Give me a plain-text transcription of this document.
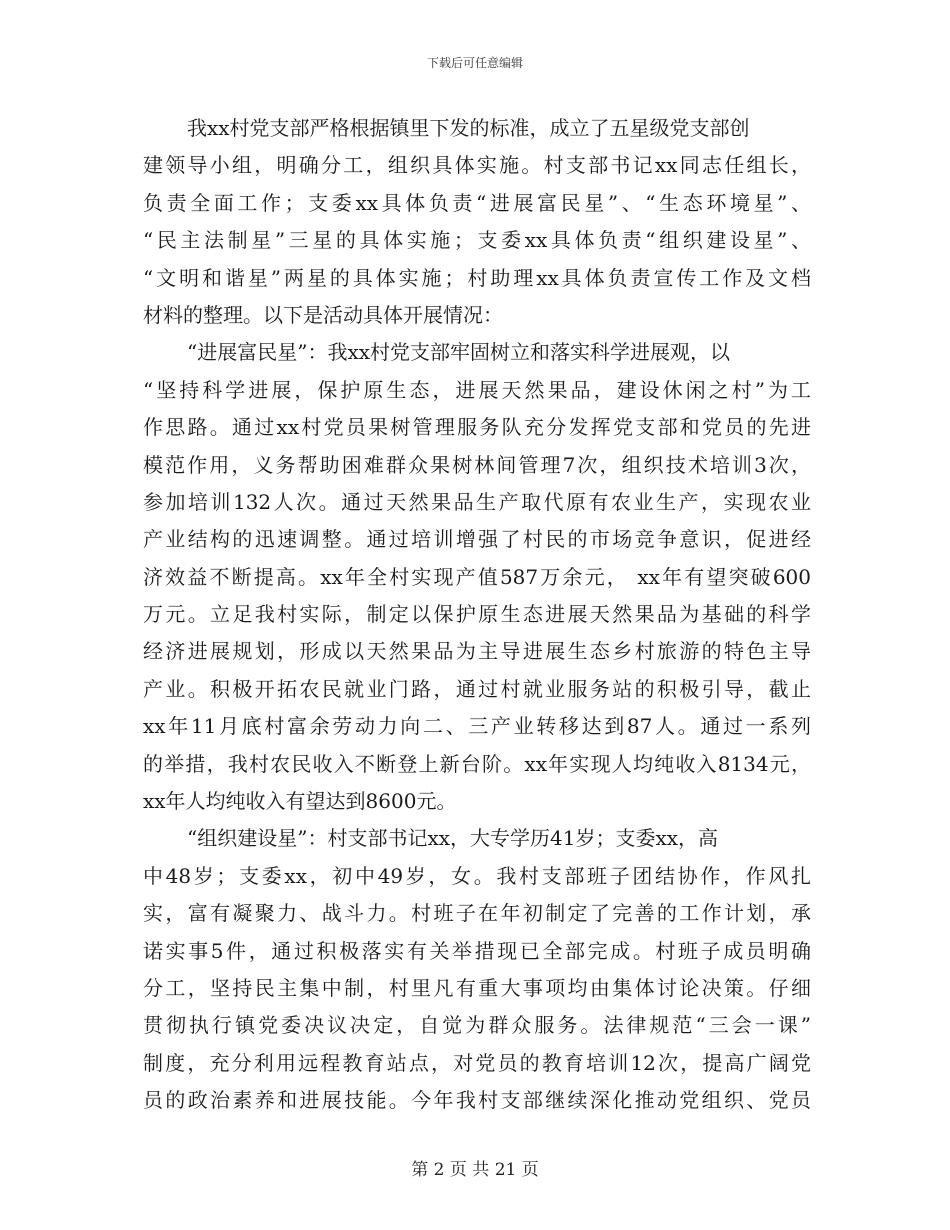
下载后可任意编辑
我xx村党支部严格根据镇里下发的标准，成立了五星级党支部创
建领导小组，明确分工，组织具体实施。村支部书记xx同志任组长，
负责全面工作；支委xx具体负责“进展富民星”、“生态环境星”、
“民主法制星”三星的具体实施；支委xx具体负责“组织建设星”、
“文明和谐星”两星的具体实施；村助理xx具体负责宣传工作及文档
材料的整理。以下是活动具体开展情况：
“进展富民星”：我xx村党支部牢固树立和落实科学进展观，以
“坚持科学进展，保护原生态，进展天然果品，建设休闲之村”为工
作思路。通过xx村党员果树管理服务队充分发挥党支部和党员的先进
模范作用，义务帮助困难群众果树林间管理7次，组织技术培训3次，
参加培训132人次。通过天然果品生产取代原有农业生产，实现农业
产业结构的迅速调整。通过培训增强了村民的市场竞争意识，促进经
济效益不断提高。xx年全村实现产值587万余元， xx年有望突破600
万元。立足我村实际，制定以保护原生态进展天然果品为基础的科学
经济进展规划，形成以天然果品为主导进展生态乡村旅游的特色主导
产业。积极开拓农民就业门路，通过村就业服务站的积极引导，截止
xx年11月底村富余劳动力向二、三产业转移达到87人。通过一系列
的举措，我村农民收入不断登上新台阶。xx年实现人均纯收入8134元，
xx年人均纯收入有望达到8600元。
“组织建设星”：村支部书记xx，大专学历41岁；支委xx，高
中48岁；支委xx，初中49岁，女。我村支部班子团结协作，作风扎
实，富有凝聚力、战斗力。村班子在年初制定了完善的工作计划，承
诺实事5件，通过积极落实有关举措现已全部完成。村班子成员明确
分工，坚持民主集中制，村里凡有重大事项均由集体讨论决策。仔细
贯彻执行镇党委决议决定，自觉为群众服务。法律规范“三会一课”
制度，充分利用远程教育站点，对党员的教育培训12次，提高广阔党
员的政治素养和进展技能。今年我村支部继续深化推动党组织、党员
第 2 页 共 21 页
